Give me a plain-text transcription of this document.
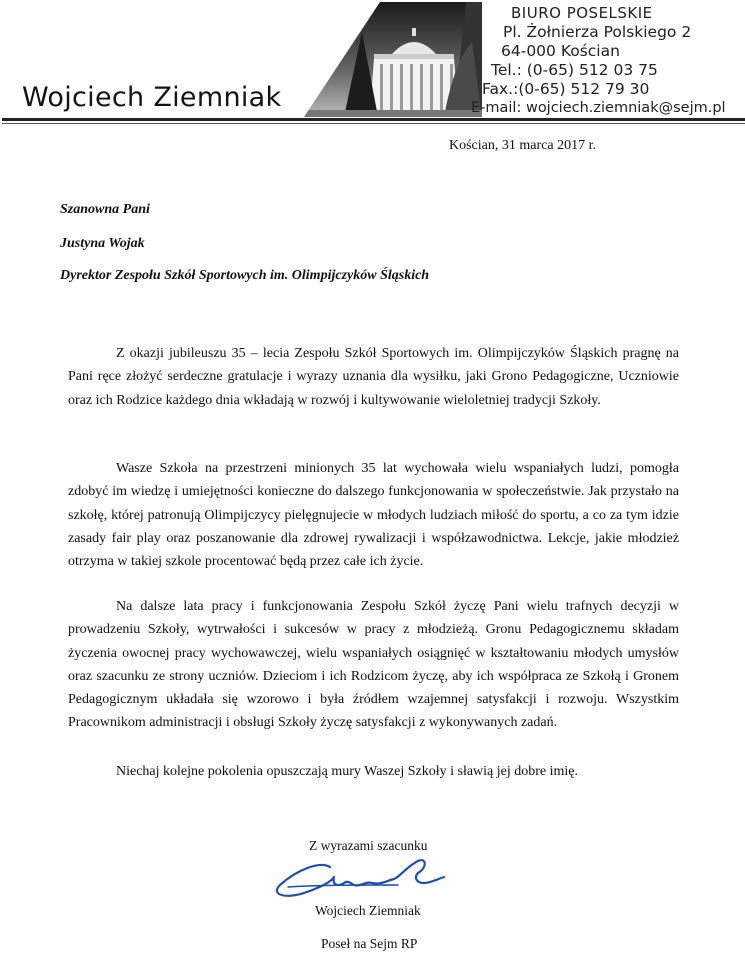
Wojciech Ziemniak
BIURO POSELSKIE
Pl. Żołnierza Polskiego 2
64-000 Kościan
Tel.: (0-65) 512 03 75
Fax.:(0-65) 512 79 30
E-mail: wojciech.ziemniak@sejm.pl
Kościan, 31 marca 2017 r.
Szanowna Pani
Justyna Wojak
Dyrektor Zespołu Szkół Sportowych im. Olimpijczyków Śląskich

Z okazji jubileuszu 35 – lecia Zespołu Szkół Sportowych im. Olimpijczyków Śląskich pragnę na Pani ręce złożyć serdeczne gratulacje i wyrazy uznania dla wysiłku, jaki Grono Pedagogiczne, Uczniowie oraz ich Rodzice każdego dnia wkładają w rozwój i kultywowanie wieloletniej tradycji Szkoły.

Wasze Szkoła na przestrzeni minionych 35 lat wychowała wielu wspaniałych ludzi, pomogła zdobyć im wiedzę i umiejętności konieczne do dalszego funkcjonowania w społeczeństwie. Jak przystało na szkołę, której patronują Olimpijczycy pielęgnujecie w młodych ludziach miłość do sportu, a co za tym idzie zasady fair play oraz poszanowanie dla zdrowej rywalizacji i współzawodnictwa. Lekcje, jakie młodzież otrzyma w takiej szkole procentować będą przez całe ich życie.

Na dalsze lata pracy i funkcjonowania Zespołu Szkół życzę Pani wielu trafnych decyzji w prowadzeniu Szkoły, wytrwałości i sukcesów w pracy z młodzieżą. Gronu Pedagogicznemu składam życzenia owocnej pracy wychowawczej, wielu wspaniałych osiągnięć w kształtowaniu młodych umysłów oraz szacunku ze strony uczniów. Dzieciom i ich Rodzicom życzę, aby ich współpraca ze Szkołą i Gronem Pedagogicznym układała się wzorowo i była źródłem wzajemnej satysfakcji i rozwoju. Wszystkim Pracownikom administracji i obsługi Szkoły życzę satysfakcji z wykonywanych zadań.

Niechaj kolejne pokolenia opuszczają mury Waszej Szkoły i sławią jej dobre imię.

Z wyrazami szacunku
Wojciech Ziemniak
Poseł na Sejm RP
